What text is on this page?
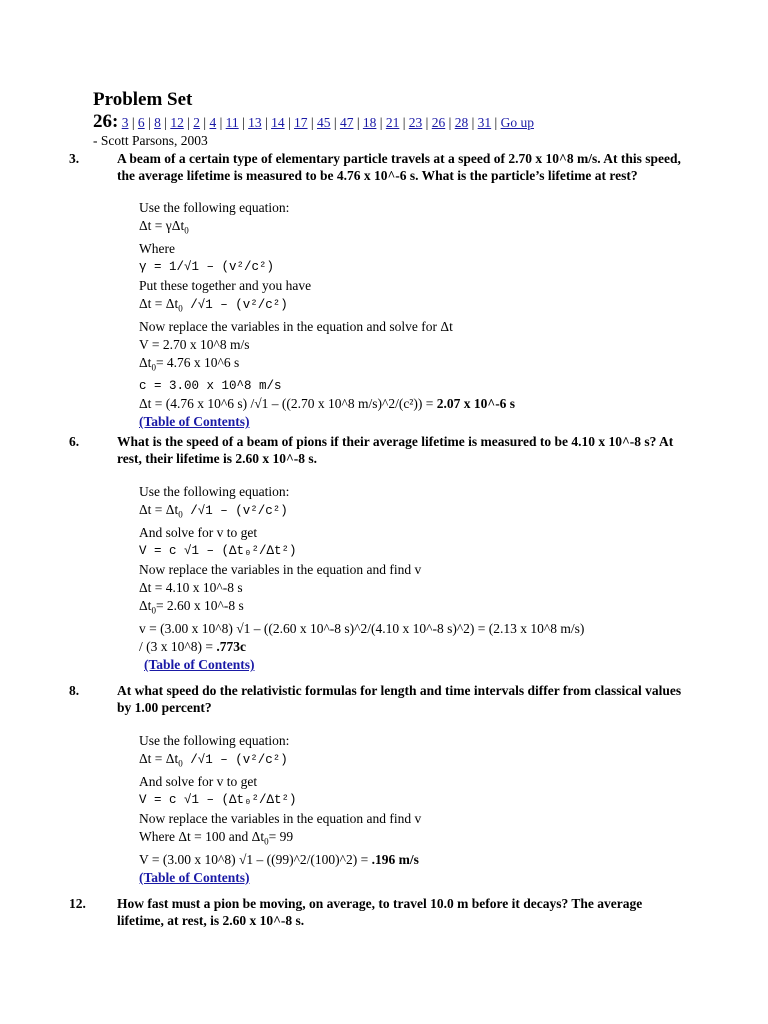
Problem Set
26: 3 | 6 | 8 | 12 | 2 | 4 | 11 | 13 | 14 | 17 | 45 | 47 | 18 | 21 | 23 | 26 | 28 | 31 | Go up
- Scott Parsons, 2003
3.	A beam of a certain type of elementary particle travels at a speed of 2.70 x 10^8 m/s. At this speed, the average lifetime is measured to be 4.76 x 10^-6 s. What is the particle’s lifetime at rest?
Use the following equation:
Δt = γΔt$_0$
Where
γ = 1/√1 – (v²/c²)
Put these together and you have
$\Delta t = \Delta t_0$ /√1 – (v²/c²)
Now replace the variables in the equation and solve for Δt
V = 2.70 x 10^8 m/s
$\Delta t_0= 4.76$ x 10^6 s
c = 3.00 x 10^8 m/s
Δt = (4.76 x 10^6 s) /√1 – ((2.70 x 10^8 m/s)^2/(c²)) = 2.07 x 10^-6 s
(Table of Contents)
6.	What is the speed of a beam of pions if their average lifetime is measured to be 4.10 x 10^-8 s? At rest, their lifetime is 2.60 x 10^-8 s.
Use the following equation:
$\Delta t = \Delta t_0$ /√1 – (v²/c²)
And solve for v to get
V = c √1 – (Δt₀²/Δt²)
Now replace the variables in the equation and find v
Δt = 4.10 x 10^-8 s
$\Delta t_0= 2.60$ x 10^-8 s
v = (3.00 x 10^8) √1 – ((2.60 x 10^-8 s)^2/(4.10 x 10^-8 s)^2) = (2.13 x 10^8 m/s)
/ (3 x 10^8) = .773c
(Table of Contents)
8.	At what speed do the relativistic formulas for length and time intervals differ from classical values by 1.00 percent?
Use the following equation:
$\Delta t = \Delta t_0$ /√1 – (v²/c²)
And solve for v to get
V = c √1 – (Δt₀²/Δt²)
Now replace the variables in the equation and find v
Where Δt = 100 and $\Delta t_0= 99$
V = (3.00 x 10^8) √1 – ((99)^2/(100)^2) = .196 m/s
(Table of Contents)
12. How fast must a pion be moving, on average, to travel 10.0 m before it decays? The average lifetime, at rest, is 2.60 x 10^-8 s.
